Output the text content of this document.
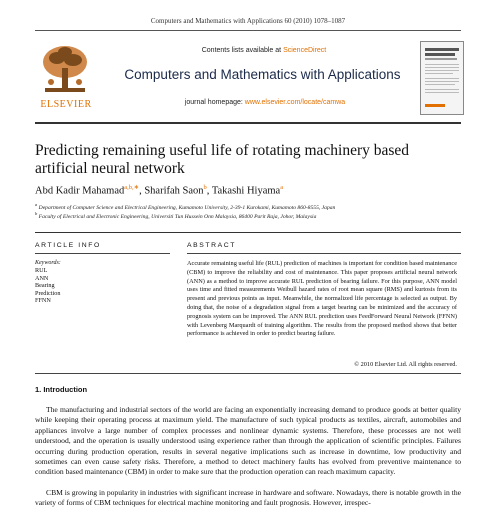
Computers and Mathematics with Applications 60 (2010) 1078–1087
ELSEVIER
Contents lists available at ScienceDirect
Computers and Mathematics with Applications
journal homepage: www.elsevier.com/locate/camwa
Predicting remaining useful life of rotating machinery based artificial neural network
Abd Kadir Mahamad$^{a,b,∗}$, Sharifah Saon$^b$, Takashi Hiyama$^a$
$^a$ Department of Computer Science and Electrical Engineering, Kumamoto University, 2-39-1 Kurokami, Kumamoto 860-8555, Japan
$^b$ Faculty of Electrical and Electronic Engineering, Universiti Tun Hussein Onn Malaysia, 86400 Parit Raja, Johor, Malaysia
ARTICLE INFO	ABSTRACT
Keywords:
RUL
ANN
Bearing
Prediction
FFNN

Accurate remaining useful life (RUL) prediction of machines is important for condition based maintenance (CBM) to improve the reliability and cost of maintenance. This paper proposes artificial neural network (ANN) as a method to improve accurate RUL prediction of bearing failure. For this purpose, ANN model uses time and fitted measurements Weibull hazard rates of root mean square (RMS) and kurtosis from its present and previous points as input. Meanwhile, the normalized life percentage is selected as output. By doing that, the noise of a degradation signal from a target bearing can be minimized and the accuracy of prognosis system can be improved. The ANN RUL prediction uses FeedForward Neural Network (FFNN) with Levenberg Marquardt of training algorithm. The results from the proposed method shows that better performance is achieved in order to predict bearing failure.

© 2010 Elsevier Ltd. All rights reserved.
1. Introduction

The manufacturing and industrial sectors of the world are facing an exponentially increasing demand to produce goods at better quality while keeping their operating process at maximum yield. The manufacture of such typical products as textiles, aircraft, automobiles and appliances involve a large number of complex processes and nonlinear dynamic systems. Therefore, these processes are not well understood, and the operation is usually understood using experience rather than through the application of scientific principles. Failures occurring during production operation, results in several negative implications such as increase in downtime, low productivity and sometimes can even cause safety risks. Therefore, a method to detect machinery faults has evolved from preventive maintenance to condition based maintenance (CBM) in order to make sure that the production operation can reach maximum capacity.

CBM is growing in popularity in industries with significant increase in hardware and software. Nowadays, there is notable growth in the variety of forms of CBM techniques for electrical machine monitoring and fault prognosis. However, irrespec-
